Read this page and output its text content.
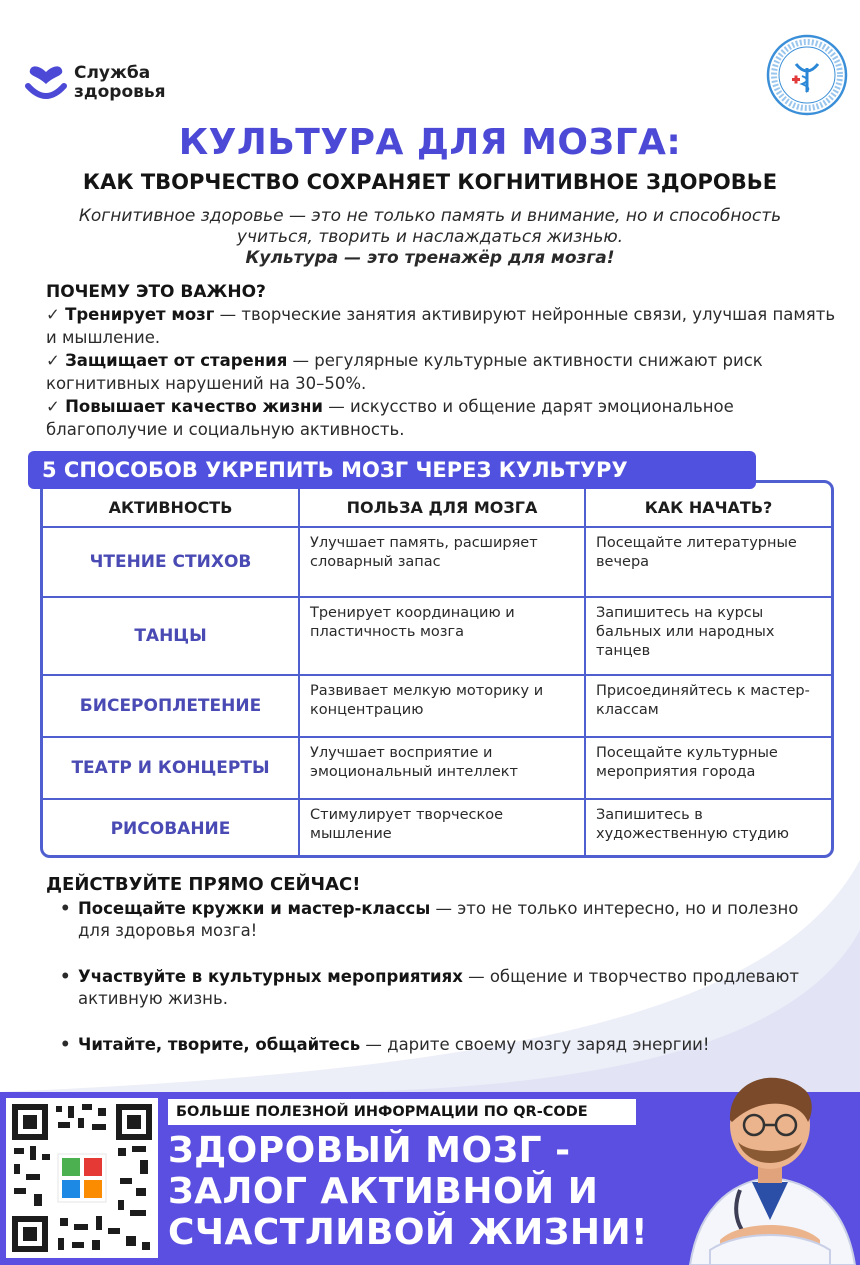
Служба
здоровья
КУЛЬТУРА ДЛЯ МОЗГА:
КАК ТВОРЧЕСТВО СОХРАНЯЕТ КОГНИТИВНОЕ ЗДОРОВЬЕ
Когнитивное здоровье — это не только память и внимание, но и способность учиться, творить и наслаждаться жизнью.
Культура — это тренажёр для мозга!
ПОЧЕМУ ЭТО ВАЖНО?

✓ Тренирует мозг — творческие занятия активируют нейронные связи, улучшая память и мышление.

✓ Защищает от старения — регулярные культурные активности снижают риск когнитивных нарушений на 30–50%.

✓ Повышает качество жизни — искусство и общение дарят эмоциональное благополучие и социальную активность.

АКТИВНОСТЬ	ПОЛЬЗА ДЛЯ МОЗГА	КАК НАЧАТЬ?
ЧТЕНИЕ СТИХОВ	Улучшает память, расширяет словарный запас	Посещайте литературные вечера
ТАНЦЫ	Тренирует координацию и пластичность мозга	Запишитесь на курсы бальных или народных танцев
БИСЕРОПЛЕТЕНИЕ	Развивает мелкую моторику и концентрацию	Присоединяйтесь к мастер-классам
ТЕАТР И КОНЦЕРТЫ	Улучшает восприятие и эмоциональный интеллект	Посещайте культурные мероприятия города
РИСОВАНИЕ	Стимулирует творческое мышление	Запишитесь в художественную студию
5 СПОСОБОВ УКРЕПИТЬ МОЗГ ЧЕРЕЗ КУЛЬТУРУ
ДЕЙСТВУЙТЕ ПРЯМО СЕЙЧАС!
• Посещайте кружки и мастер-классы — это не только интересно, но и полезно для здоровья мозга!
• Участвуйте в культурных мероприятиях — общение и творчество продлевают активную жизнь.
• Читайте, творите, общайтесь — дарите своему мозгу заряд энергии!
БОЛЬШЕ ПОЛЕЗНОЙ ИНФОРМАЦИИ ПО QR-CODE
ЗДОРОВЫЙ МОЗГ -
ЗАЛОГ АКТИВНОЙ И
СЧАСТЛИВОЙ ЖИЗНИ!
